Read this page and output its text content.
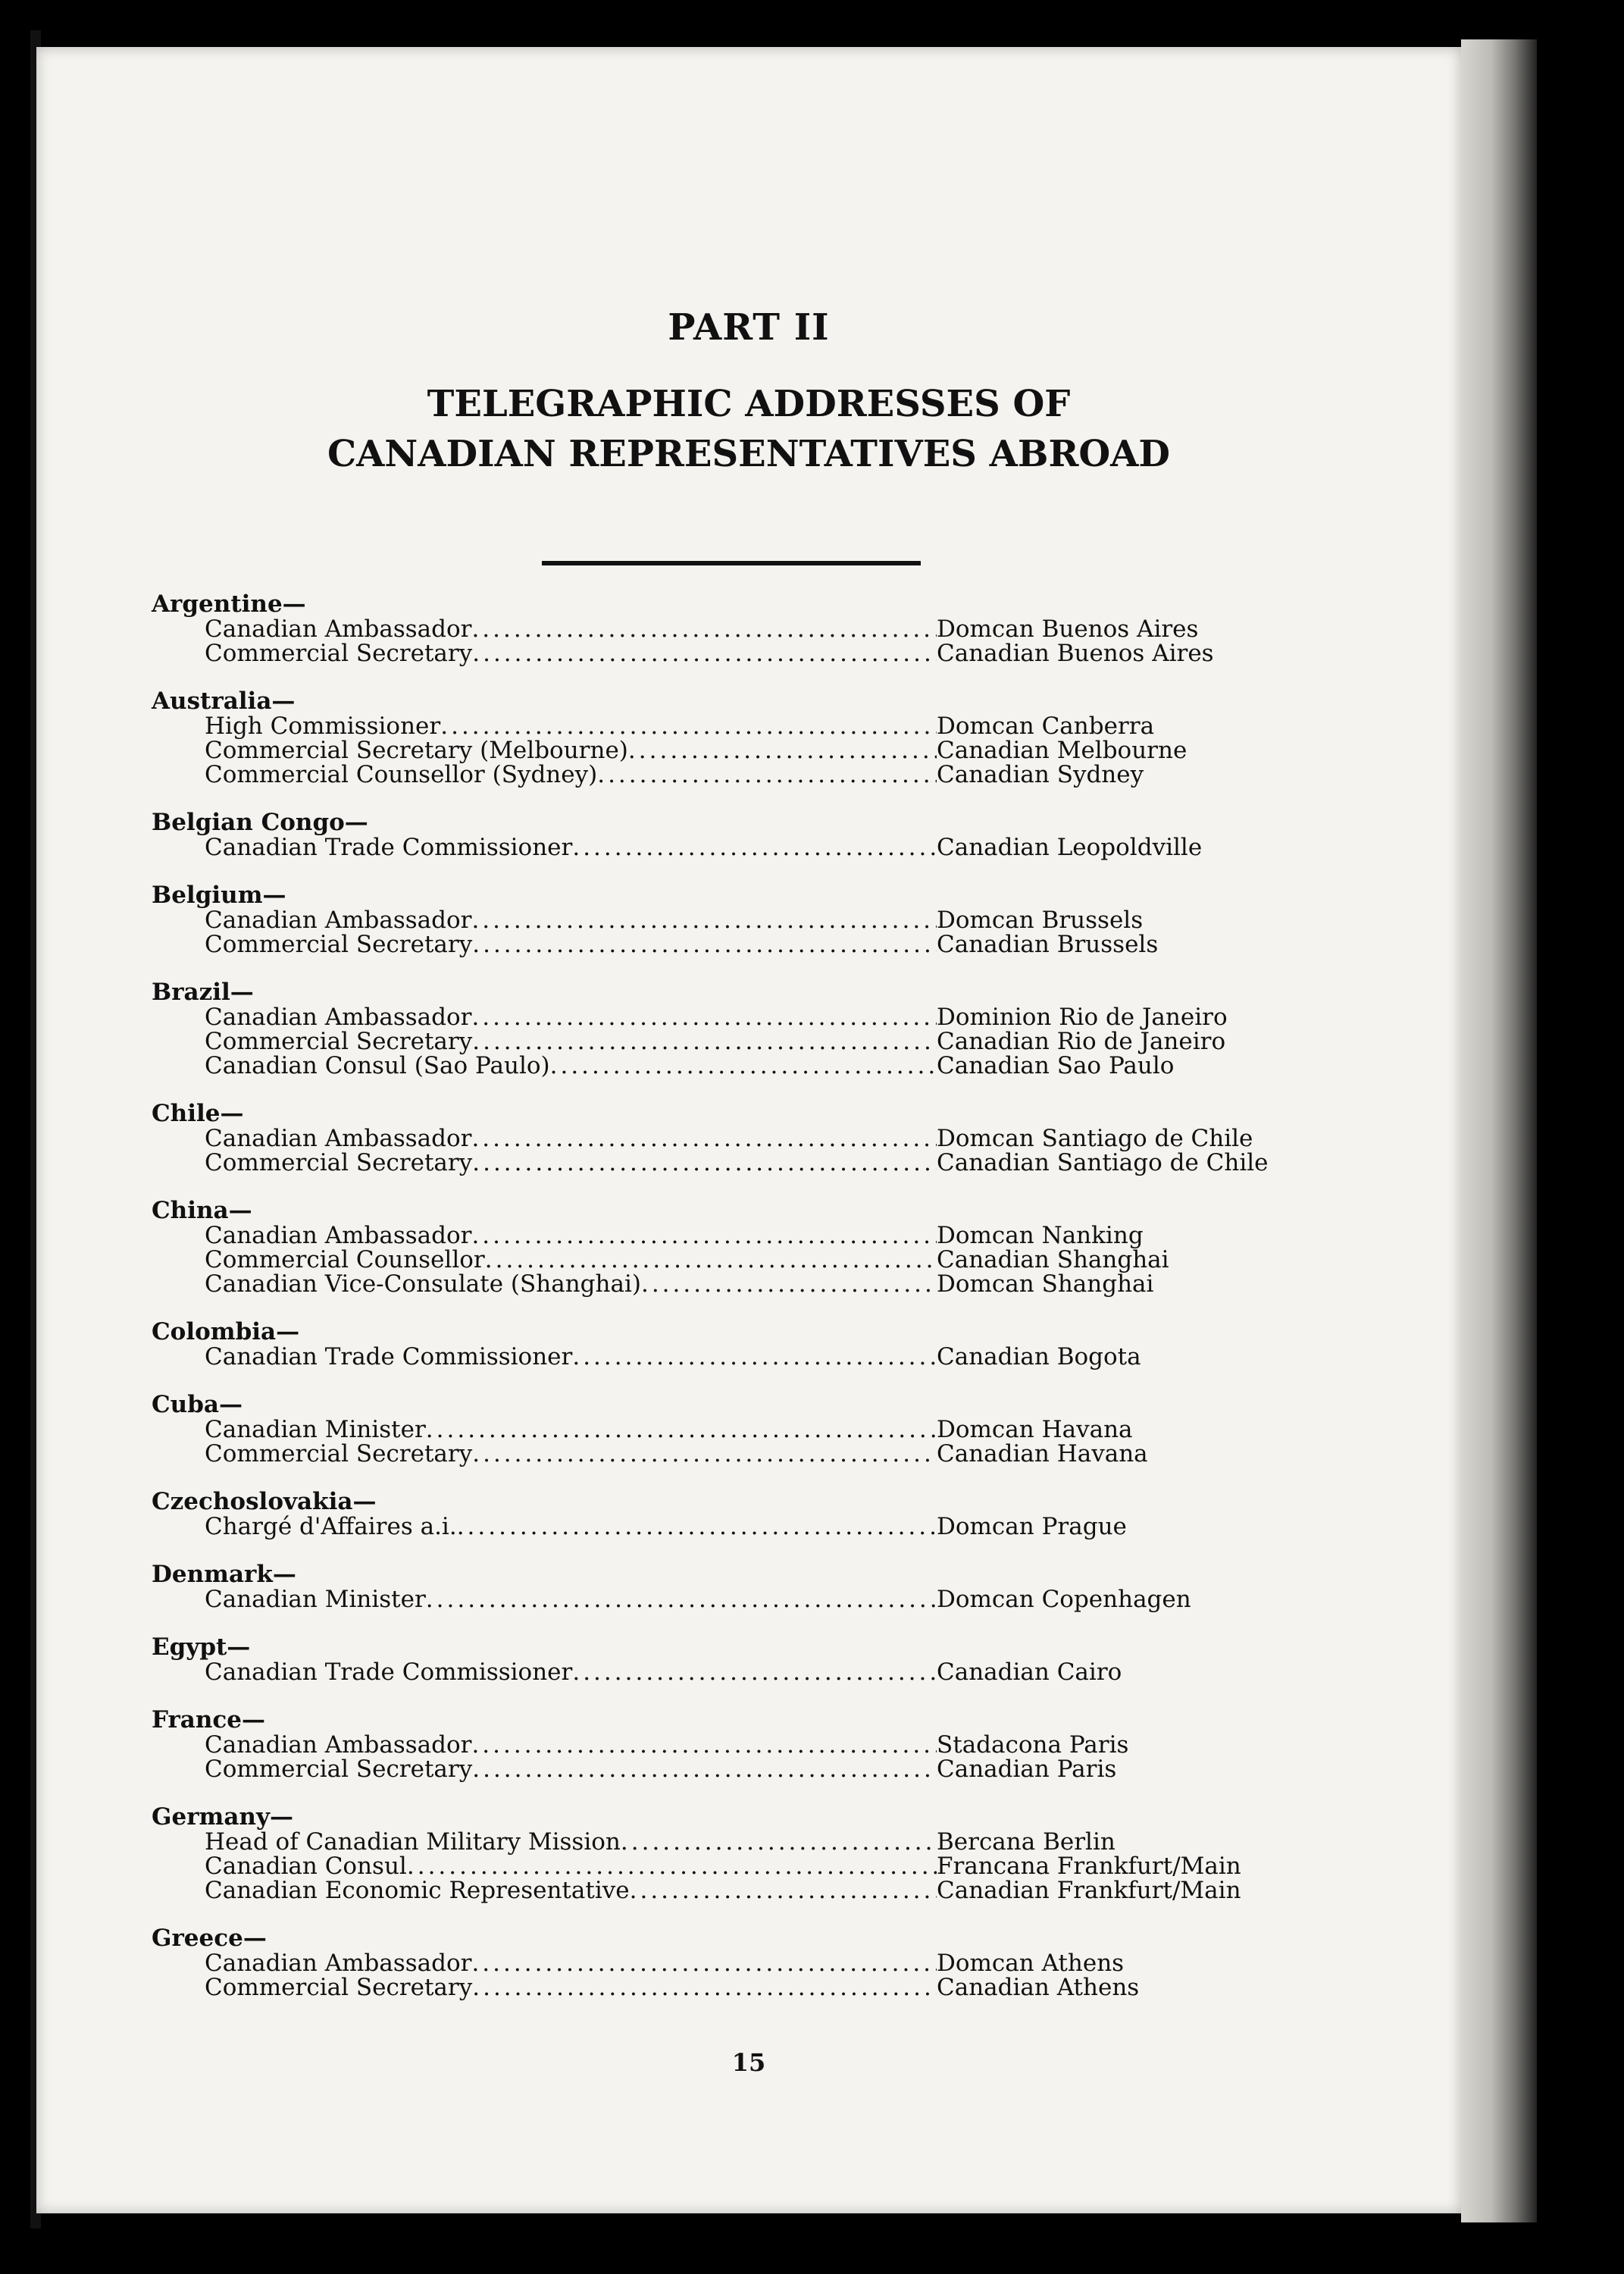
PART II
TELEGRAPHIC ADDRESSES OF
CANADIAN REPRESENTATIVES ABROAD
Argentine—
Canadian Ambassador .....	Domcan Buenos Aires
Commercial Secretary .....	Canadian Buenos Aires
Australia—
High Commissioner .....	Domcan Canberra
Commercial Secretary (Melbourne) .....	Canadian Melbourne
Commercial Counsellor (Sydney) .....	Canadian Sydney
Belgian Congo—
Canadian Trade Commissioner .....	Canadian Leopoldville
Belgium—
Canadian Ambassador .....	Domcan Brussels
Commercial Secretary .....	Canadian Brussels
Brazil—
Canadian Ambassador .....	Dominion Rio de Janeiro
Commercial Secretary .....	Canadian Rio de Janeiro
Canadian Consul (Sao Paulo) .....	Canadian Sao Paulo
Chile—
Canadian Ambassador .....	Domcan Santiago de Chile
Commercial Secretary .....	Canadian Santiago de Chile
China—
Canadian Ambassador .....	Domcan Nanking
Commercial Counsellor .....	Canadian Shanghai
Canadian Vice-Consulate (Shanghai) .....	Domcan Shanghai
Colombia—
Canadian Trade Commissioner .....	Canadian Bogota
Cuba—
Canadian Minister .....	Domcan Havana
Commercial Secretary .....	Canadian Havana
Czechoslovakia—
Chargé d'Affaires a.i. .....	Domcan Prague
Denmark—
Canadian Minister .....	Domcan Copenhagen
Egypt—
Canadian Trade Commissioner .....	Canadian Cairo
France—
Canadian Ambassador .....	Stadacona Paris
Commercial Secretary .....	Canadian Paris
Germany—
Head of Canadian Military Mission .....	Bercana Berlin
Canadian Consul .....	Francana Frankfurt/Main
Canadian Economic Representative .....	Canadian Frankfurt/Main
Greece—
Canadian Ambassador .....	Domcan Athens
Commercial Secretary .....	Canadian Athens
15
